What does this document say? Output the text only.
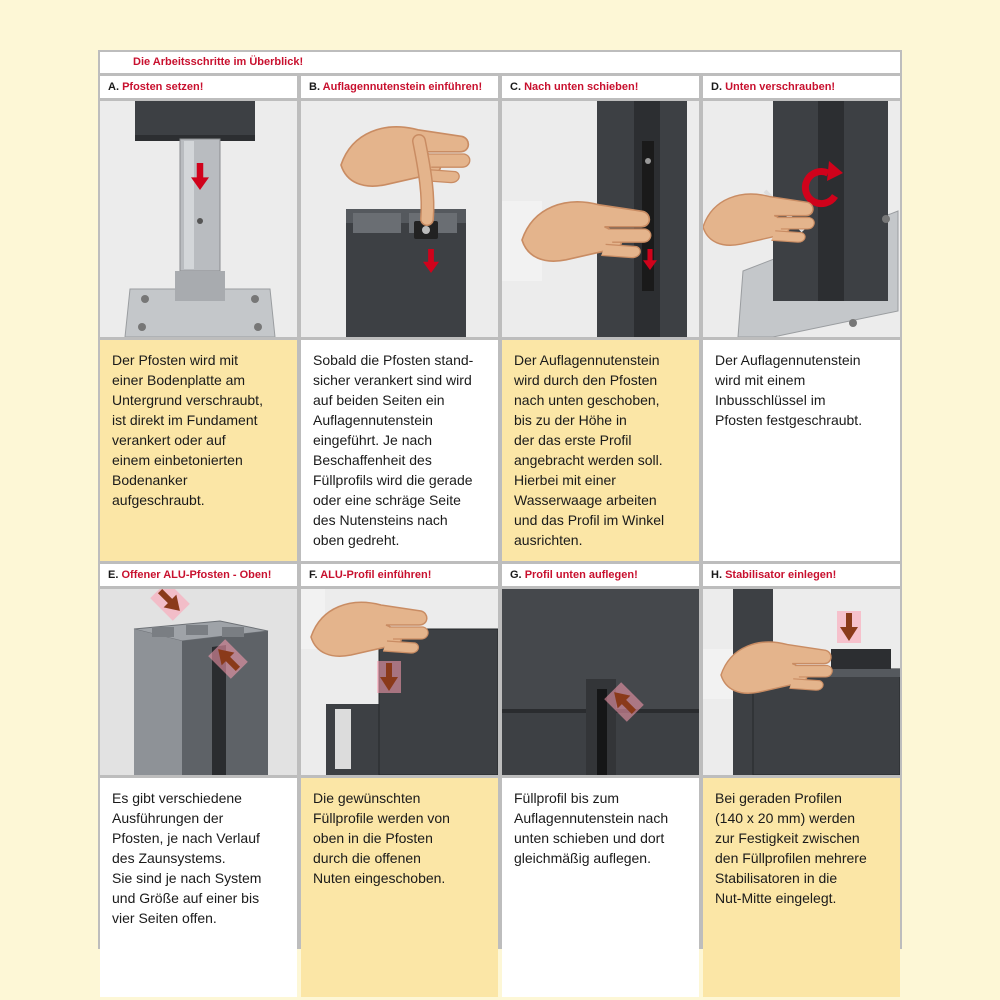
Die Arbeitsschritte im Überblick!
A. Pfosten setzen!
Der Pfosten wird mit
einer Bodenplatte am
Untergrund verschraubt,
ist direkt im Fundament
verankert oder auf
einem einbetonierten
Bodenanker
aufgeschraubt.
B. Auflagennutenstein einführen!
Sobald die Pfosten stand-
sicher verankert sind wird
auf beiden Seiten ein
Auflagennutenstein
eingeführt. Je nach
Beschaffenheit des
Füllprofils wird die gerade
oder eine schräge Seite
des Nutensteins nach
oben gedreht.
C. Nach unten schieben!
Der Auflagennutenstein
wird durch den Pfosten
nach unten geschoben,
bis zu der Höhe in
der das erste Profil
angebracht werden soll.
Hierbei mit einer
Wasserwaage arbeiten
und das Profil im Winkel
ausrichten.
D. Unten verschrauben!
Der Auflagennutenstein
wird mit einem
Inbusschlüssel im
Pfosten festgeschraubt.
E. Offener ALU-Pfosten - Oben!
Es gibt verschiedene
Ausführungen der
Pfosten, je nach Verlauf
des Zaunsystems.
Sie sind je nach System
und Größe auf einer bis
vier Seiten offen.
F. ALU-Profil einführen!
Die gewünschten
Füllprofile werden von
oben in die Pfosten
durch die offenen
Nuten eingeschoben.
G. Profil unten auflegen!
Füllprofil bis zum
Auflagennutenstein nach
unten schieben und dort
gleichmäßig auflegen.
H. Stabilisator einlegen!
Bei geraden Profilen
(140 x 20 mm) werden
zur Festigkeit zwischen
den Füllprofilen mehrere
Stabilisatoren in die
Nut-Mitte eingelegt.
